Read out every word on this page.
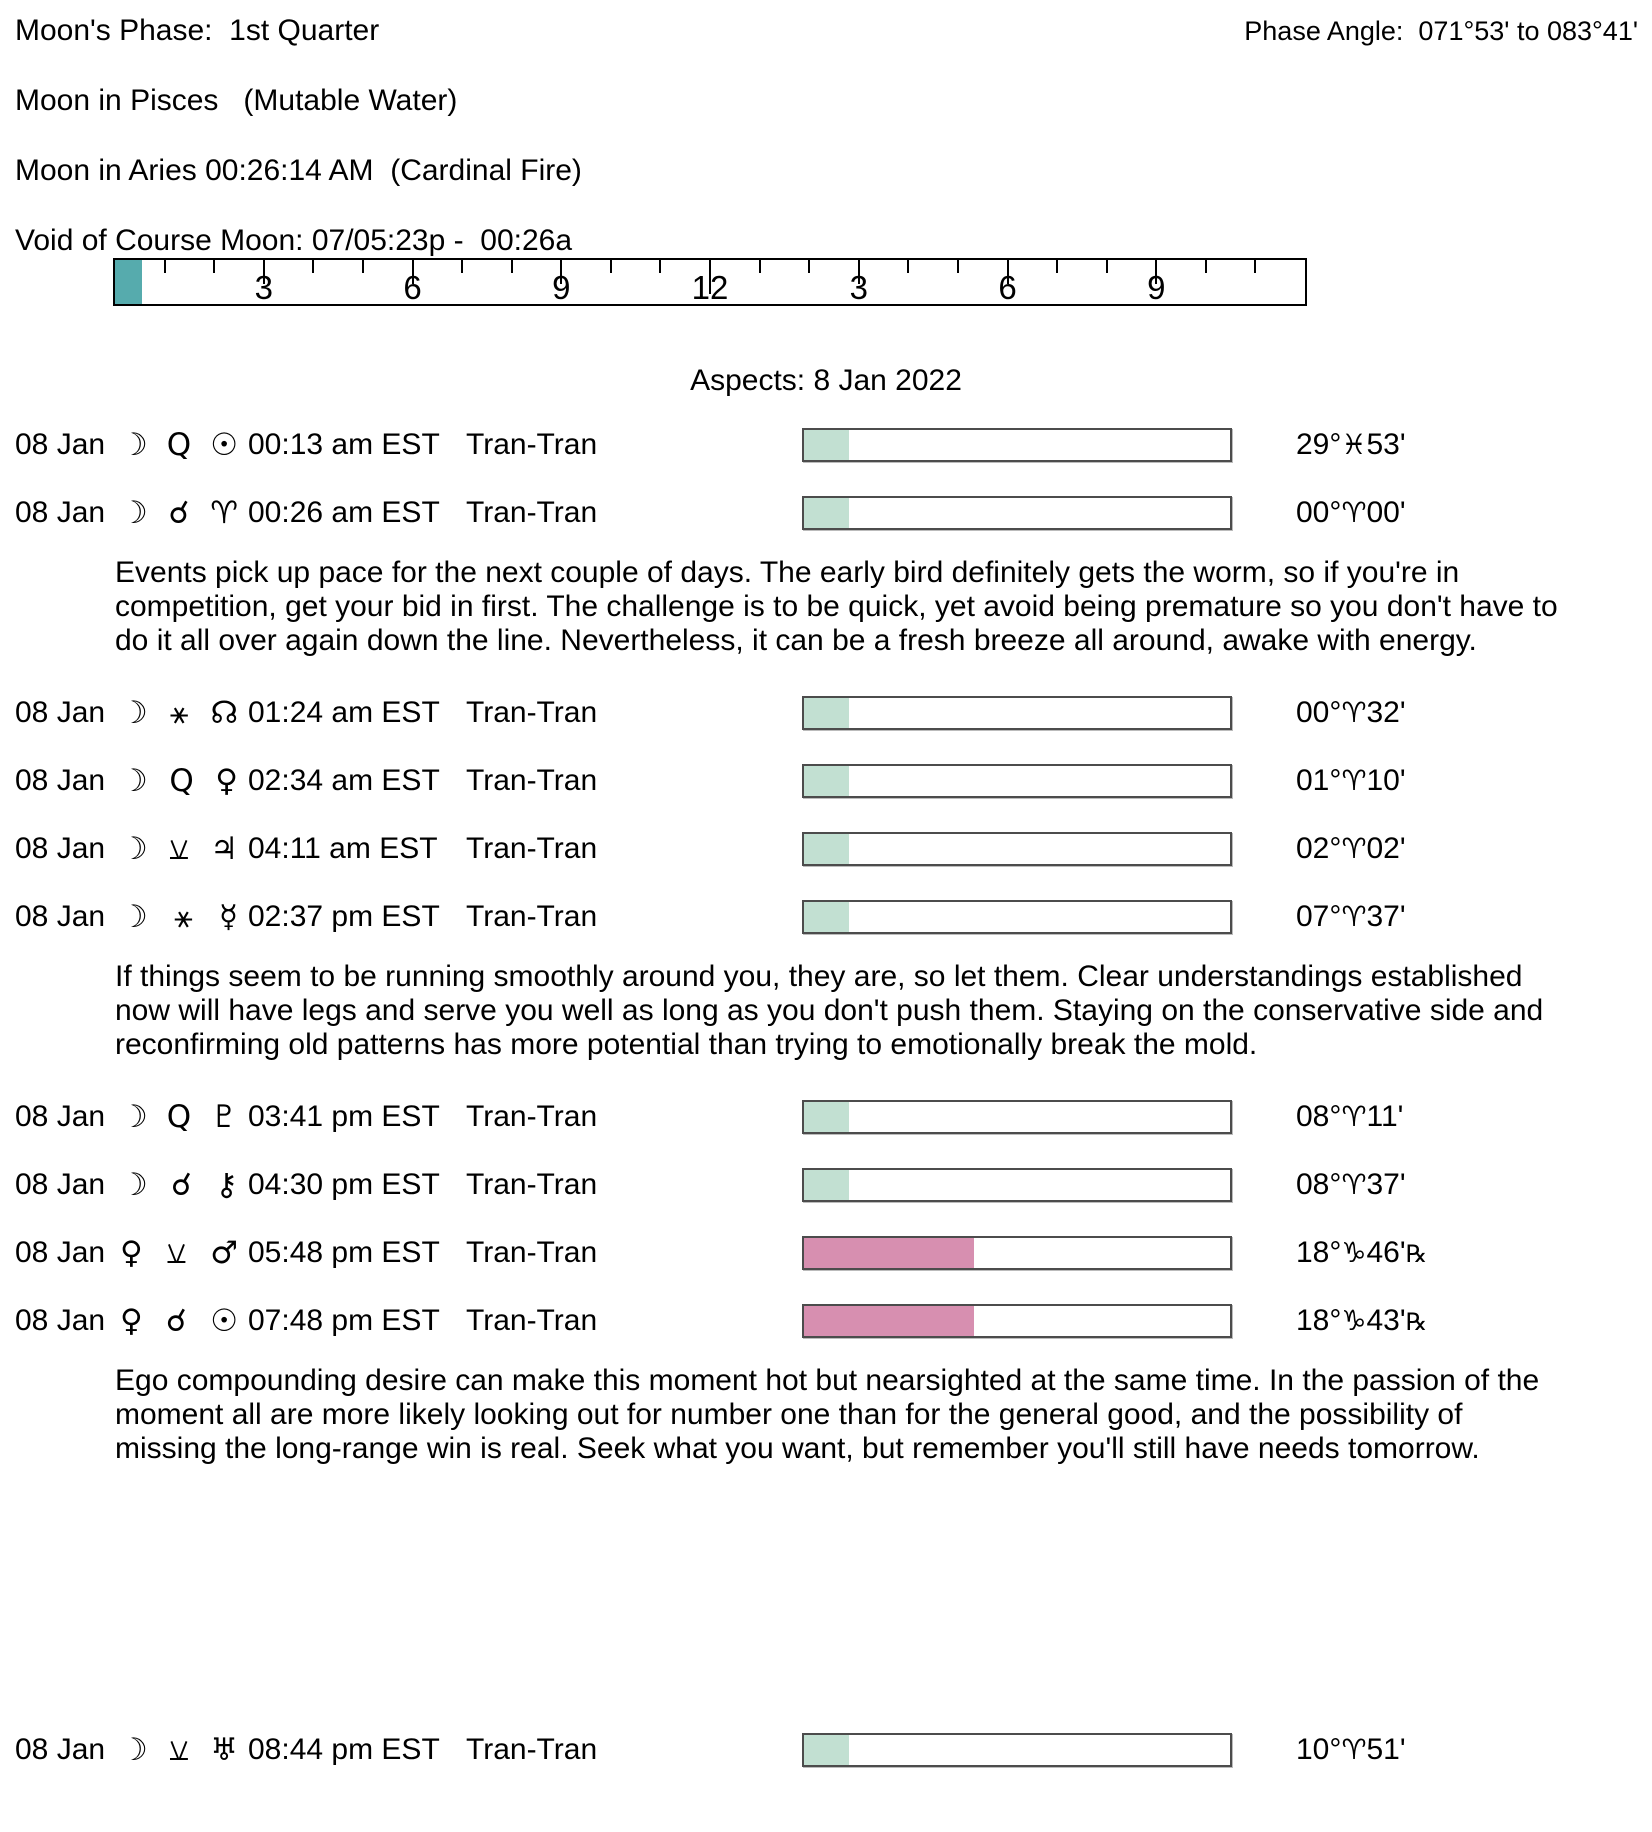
Moon's Phase:  1st Quarter	Phase Angle:  071°53' to 083°41'
Moon in Pisces   (Mutable Water)
Moon in Aries 00:26:14 AM  (Cardinal Fire)
Void of Course Moon: 07/05:23p -  00:26a
3	6	9	12	3	6	9
Aspects: 8 Jan 2022
08 Jan ☽ Q ☉ 00:13 am EST Tran-Tran	29°♓53'
08 Jan ☽ ☌ ♈ 00:26 am EST Tran-Tran	00°♈00'
Events pick up pace for the next couple of days. The early bird definitely gets the worm, so if you're in competition, get your bid in first. The challenge is to be quick, yet avoid being premature so you don't have to do it all over again down the line. Nevertheless, it can be a fresh breeze all around, awake with energy.
08 Jan ☽ ⚹ ☊ 01:24 am EST Tran-Tran	00°♈32'
08 Jan ☽ Q ♀ 02:34 am EST Tran-Tran	01°♈10'
08 Jan ☽ ⚺ ♃ 04:11 am EST Tran-Tran	02°♈02'
08 Jan ☽ ⚹ ☿ 02:37 pm EST Tran-Tran	07°♈37'
If things seem to be running smoothly around you, they are, so let them. Clear understandings established now will have legs and serve you well as long as you don't push them. Staying on the conservative side and reconfirming old patterns has more potential than trying to emotionally break the mold.
08 Jan ☽ Q ♇ 03:41 pm EST Tran-Tran	08°♈11'
08 Jan ☽ ☌ ⚷ 04:30 pm EST Tran-Tran	08°♈37'
08 Jan ♀ ⚺ ♂ 05:48 pm EST Tran-Tran	18°♑46'℞
08 Jan ♀ ☌ ☉ 07:48 pm EST Tran-Tran	18°♑43'℞
Ego compounding desire can make this moment hot but nearsighted at the same time. In the passion of the moment all are more likely looking out for number one than for the general good, and the possibility of missing the long-range win is real. Seek what you want, but remember you'll still have needs tomorrow.
08 Jan ☽ ⚺ ♅ 08:44 pm EST Tran-Tran	10°♈51'
